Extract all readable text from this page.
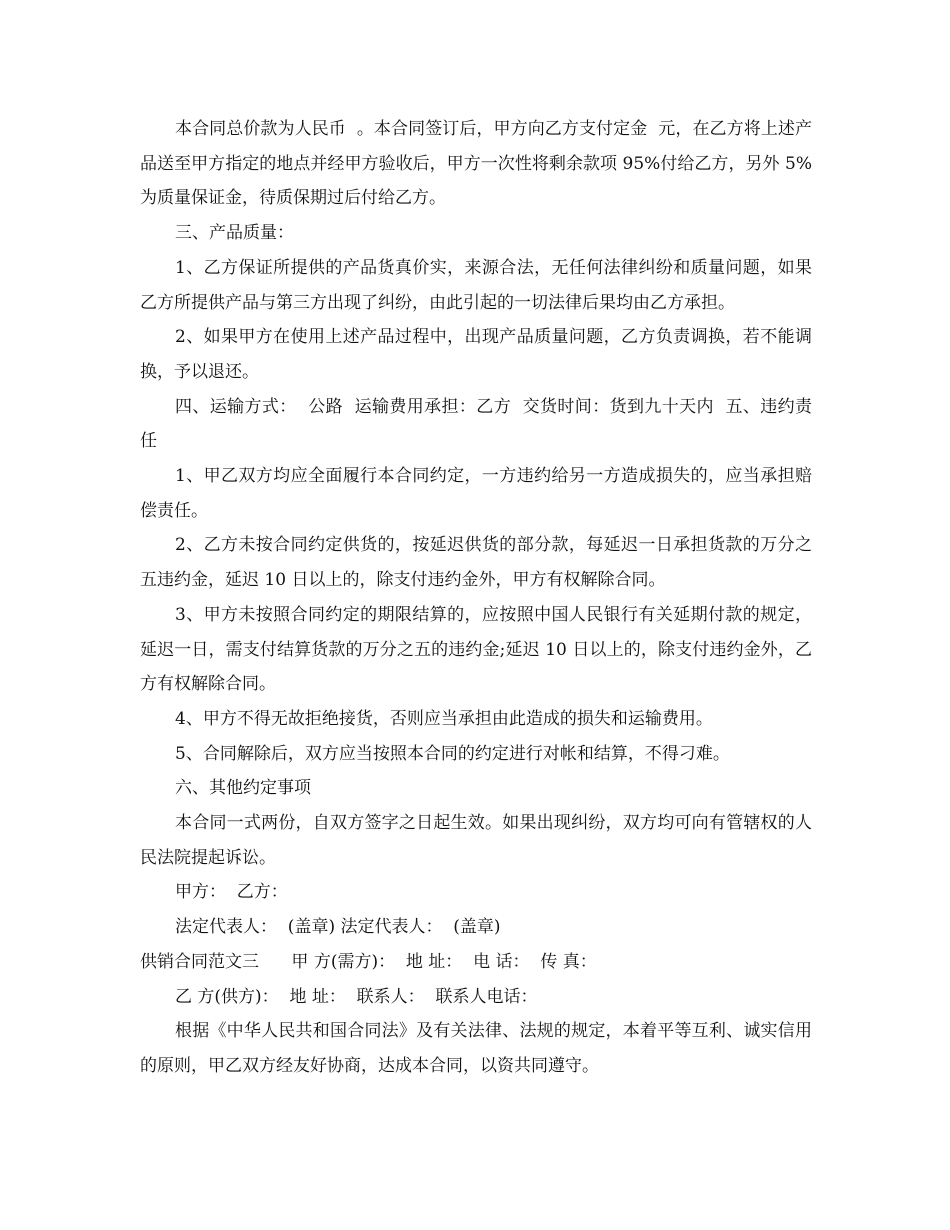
本合同总价款为人民币  。本合同签订后，甲方向乙方支付定金  元，在乙方将上述产品送至甲方指定的地点并经甲方验收后，甲方一次性将剩余款项 95%付给乙方，另外 5%为质量保证金，待质保期过后付给乙方。

三、产品质量：

1、乙方保证所提供的产品货真价实，来源合法，无任何法律纠纷和质量问题，如果乙方所提供产品与第三方出现了纠纷，由此引起的一切法律后果均由乙方承担。

2、如果甲方在使用上述产品过程中，出现产品质量问题，乙方负责调换，若不能调换，予以退还。

四、运输方式：  公路  运输费用承担：乙方  交货时间：货到九十天内  五、违约责任

1、甲乙双方均应全面履行本合同约定，一方违约给另一方造成损失的，应当承担赔偿责任。

2、乙方未按合同约定供货的，按延迟供货的部分款，每延迟一日承担货款的万分之五违约金，延迟 10 日以上的，除支付违约金外，甲方有权解除合同。

3、甲方未按照合同约定的期限结算的，应按照中国人民银行有关延期付款的规定，延迟一日，需支付结算货款的万分之五的违约金;延迟 10 日以上的，除支付违约金外，乙方有权解除合同。

4、甲方不得无故拒绝接货，否则应当承担由此造成的损失和运输费用。

5、合同解除后，双方应当按照本合同的约定进行对帐和结算，不得刁难。

六、其他约定事项

本合同一式两份，自双方签字之日起生效。如果出现纠纷，双方均可向有管辖权的人民法院提起诉讼。

甲方：  乙方：

法定代表人：  (盖章) 法定代表人：  (盖章)

供销合同范文三      甲 方(需方)：  地 址：  电 话：  传 真：

乙 方(供方)：  地 址：  联系人：  联系人电话：

根据《中华人民共和国合同法》及有关法律、法规的规定，本着平等互利、诚实信用的原则，甲乙双方经友好协商，达成本合同，以资共同遵守。
